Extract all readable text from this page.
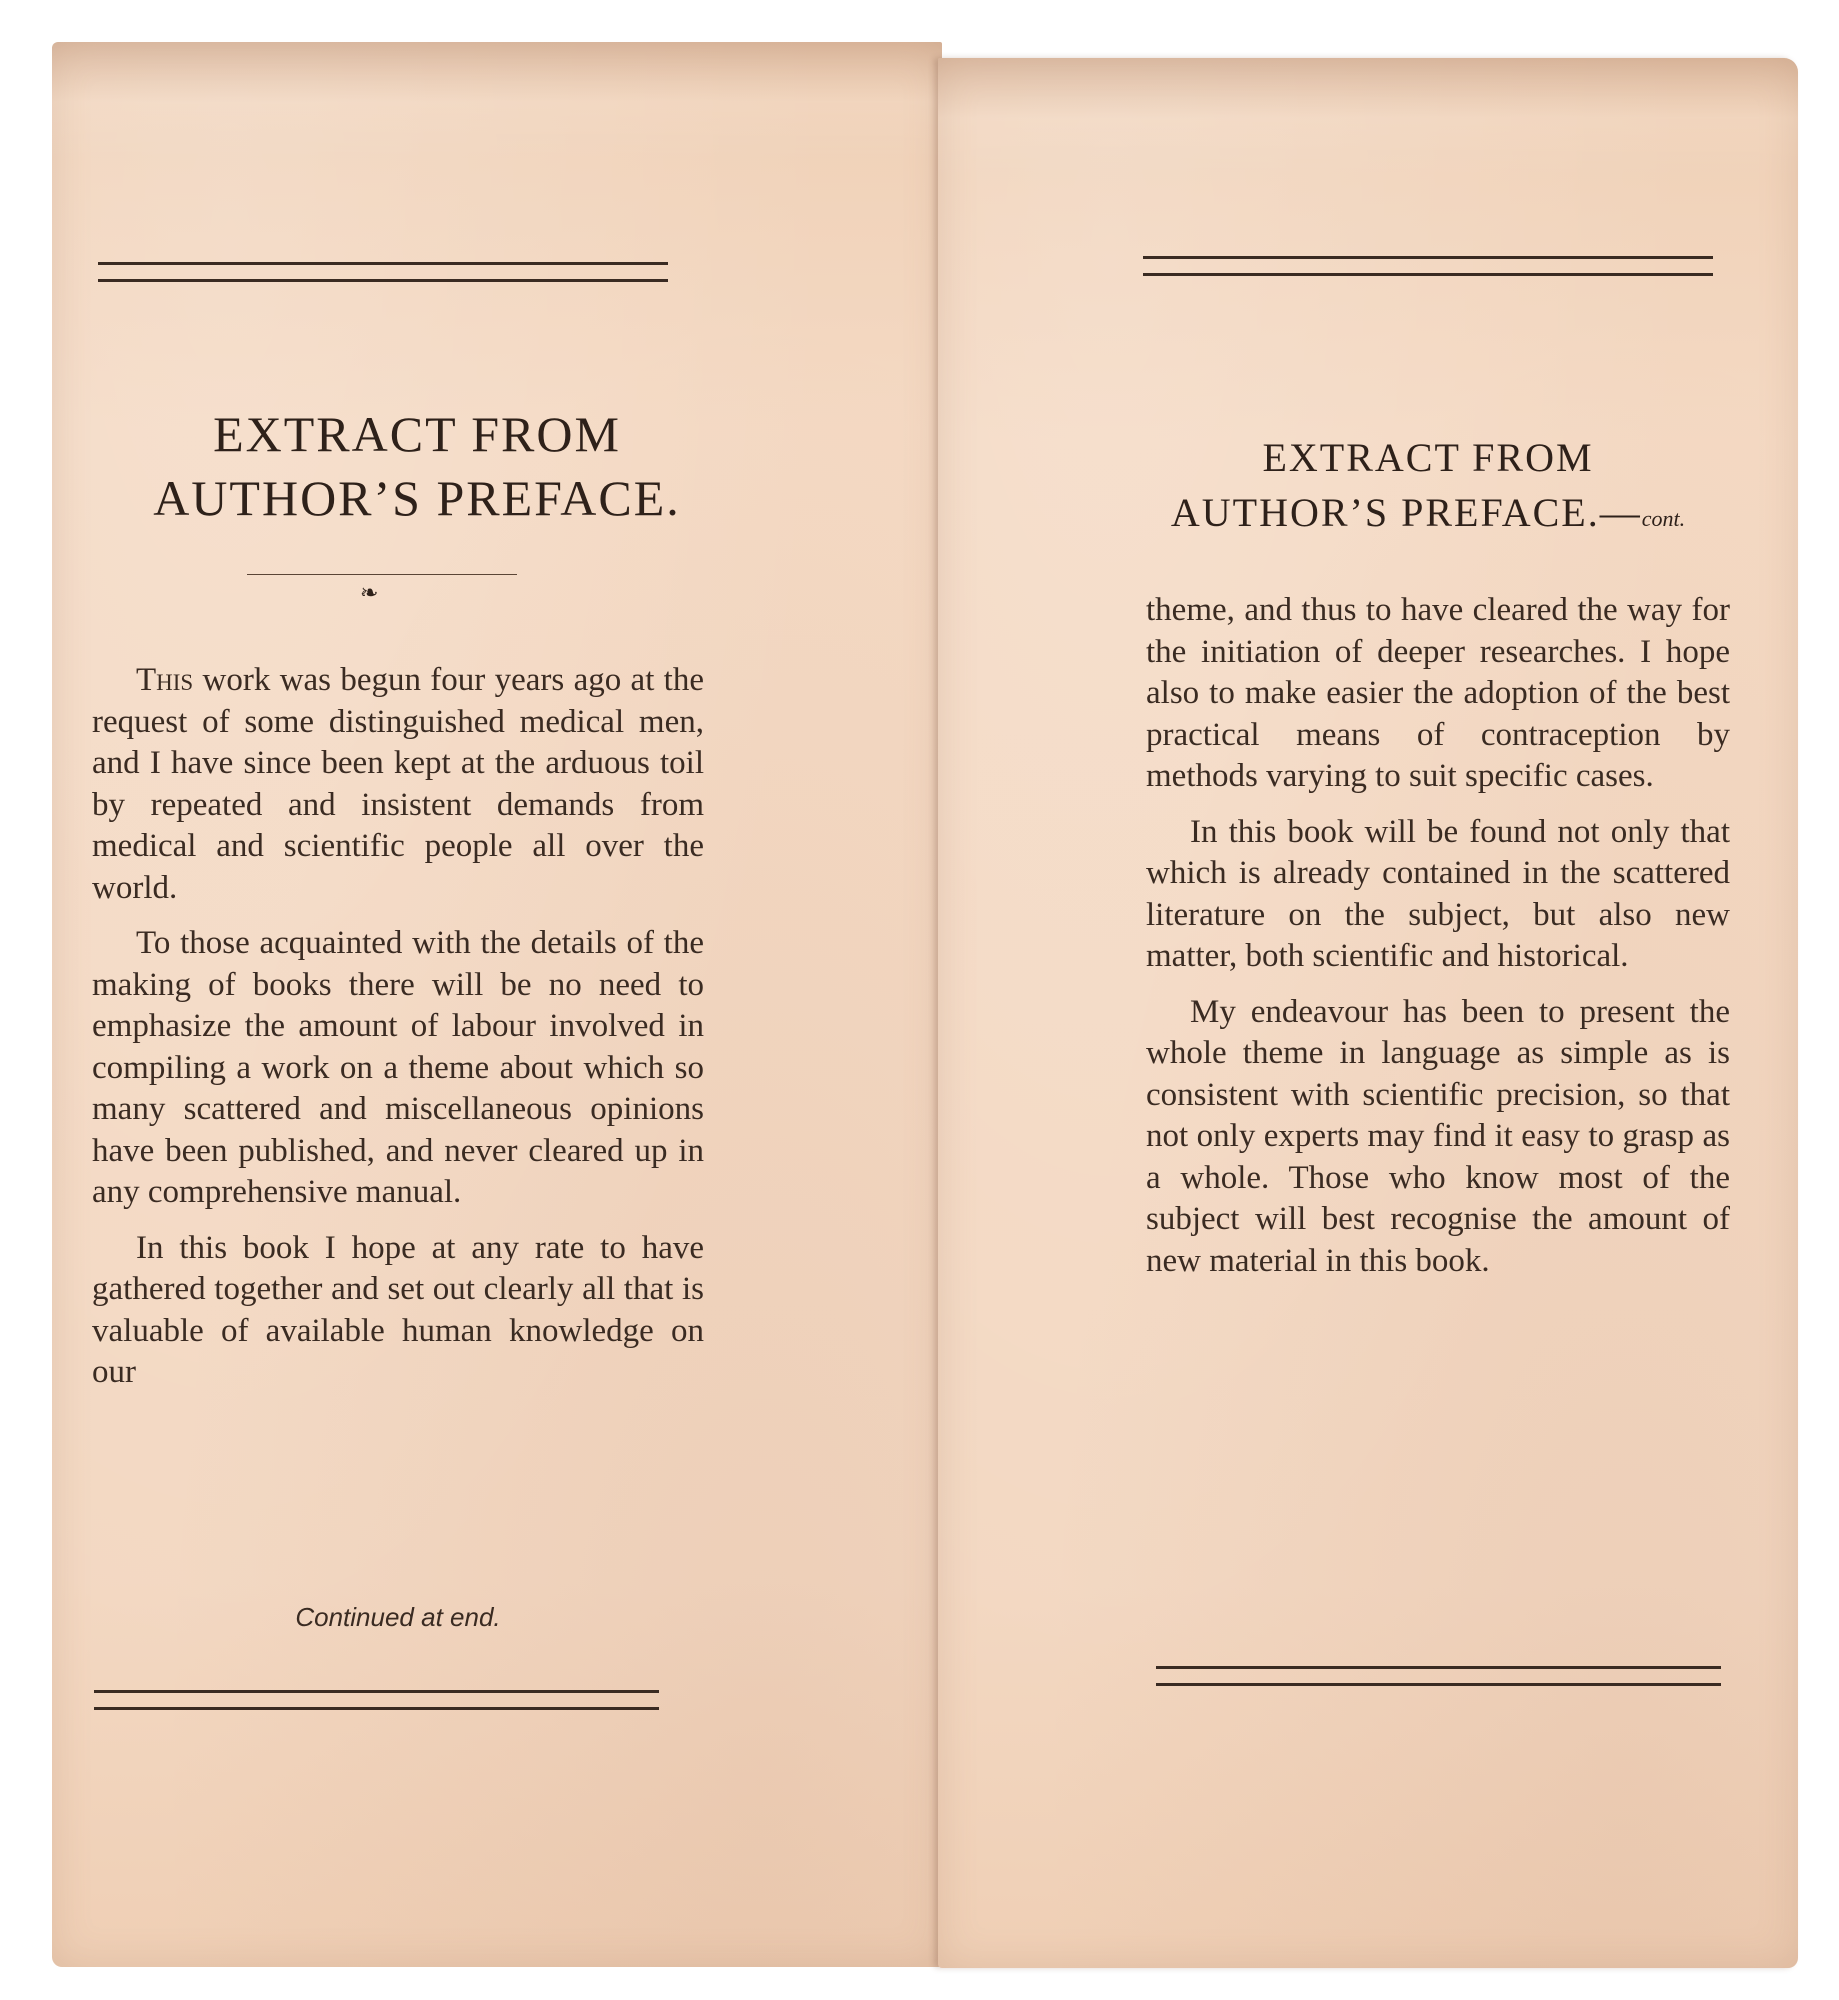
EXTRACT FROM
AUTHOR’S PREFACE.
❧

This work was begun four years ago at the request of some distinguished medical men, and I have since been kept at the arduous toil by repeated and insistent demands from medical and scientific people all over the world.

To those acquainted with the details of the making of books there will be no need to emphasize the amount of labour involved in compiling a work on a theme about which so many scattered and miscellaneous opinions have been published, and never cleared up in any comprehensive manual.

In this book I hope at any rate to have gathered together and set out clearly all that is valuable of available human knowledge on our

Continued at end.
EXTRACT FROM
AUTHOR’S PREFACE.—cont.

theme, and thus to have cleared the way for the initiation of deeper researches. I hope also to make easier the adoption of the best practical means of contraception by methods varying to suit specific cases.

In this book will be found not only that which is already contained in the scattered literature on the subject, but also new matter, both scientific and historical.

My endeavour has been to present the whole theme in language as simple as is consistent with scientific precision, so that not only experts may find it easy to grasp as a whole. Those who know most of the subject will best recognise the amount of new material in this book.
